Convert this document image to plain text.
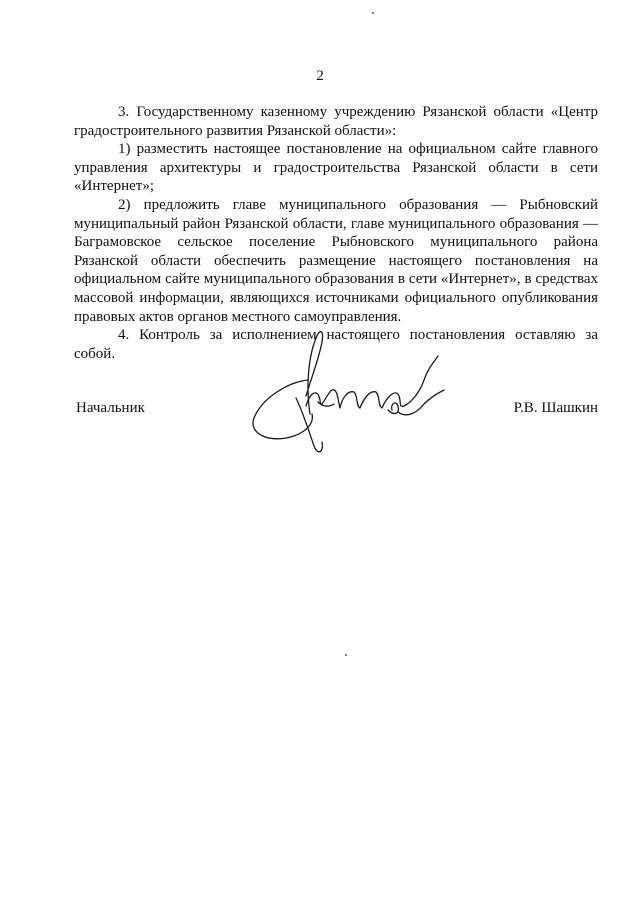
2

3. Государственному казенному учреждению Рязанской области «Центр градостроительного развития Рязанской области»:

1) разместить настоящее постановление на официальном сайте главного управления архитектуры и градостроительства Рязанской области в сети «Интернет»;

2) предложить главе муниципального образования — Рыбновский муниципальный район Рязанской области, главе муниципального образования — Баграмовское сельское поселение Рыбновского муниципального района Рязанской области обеспечить размещение настоящего постановления на официальном сайте муниципального образования в сети «Интернет», в средствах массовой информации, являющихся источниками официального опубликования правовых актов органов местного самоуправления.

4. Контроль за исполнением настоящего постановления оставляю за собой.

Начальник	Р.В. Шашкин
